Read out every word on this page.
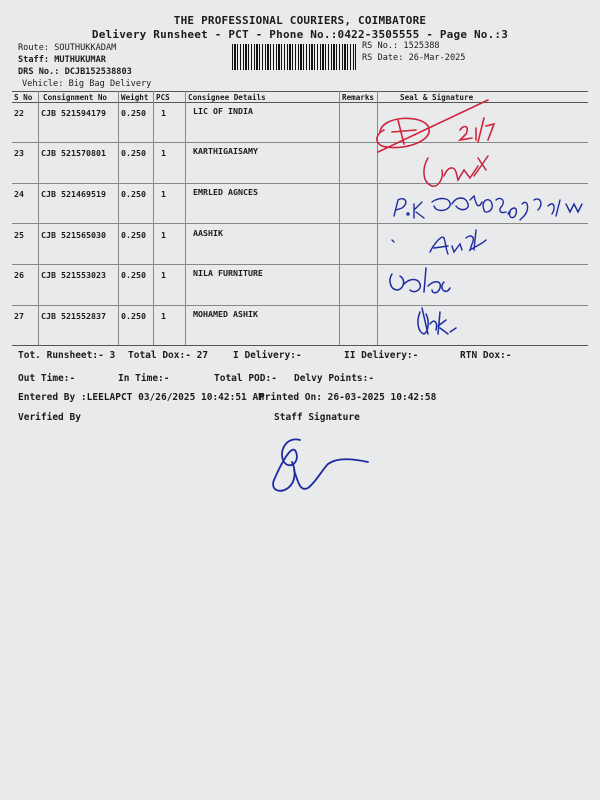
THE PROFESSIONAL COURIERS, COIMBATORE
Delivery Runsheet - PCT - Phone No.:0422-3505555 - Page No.:3
Route: SOUTHUKKADAM
Staff: MUTHUKUMAR
DRS No.: DCJB152538803
Vehicle: Big Bag Delivery
RS No.: 1525388
RS Date: 26-Mar-2025
S No Consignment No Weight PCS Consignee Details	Remarks	Seal & Signature
22 CJB 521594179 0.250 1	LIC OF INDIA
23 CJB 521570801 0.250 1	KARTHIGAISAMY
24 CJB 521469519 0.250 1	EMRLED AGNCES
25 CJB 521565030 0.250 1	AASHIK
26 CJB 521553023 0.250 1	NILA FURNITURE
27 CJB 521552837 0.250 1	MOHAMED ASHIK
Tot. Runsheet:- 3 Total Dox:- 27	I Delivery:-	II Delivery:-	RTN Dox:-
Out Time:-	In Time:-	Total POD:- Delvy Points:-
Entered By :LEELAPCT 03/26/2025 10:42:51 AM
Printed On: 26-03-2025 10:42:58
Verified By	Staff Signature
